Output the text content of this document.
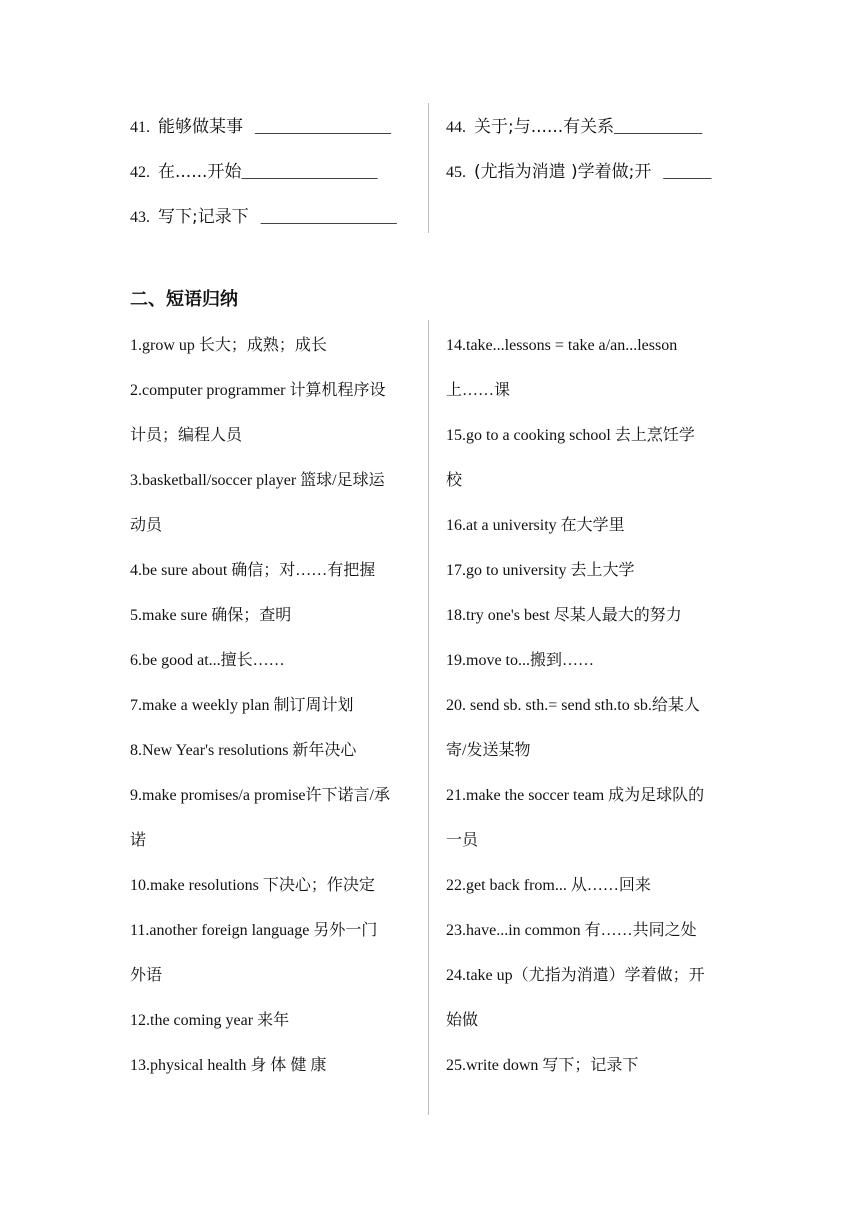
41. 能够做某事 _________________
42. 在......开始_________________
43. 写下;记录下 _________________
44. 关于;与......有关系___________
45. (尤指为消遣 )学着做;开 ______
二、短语归纳
1.grow up 长大；成熟；成长
2.computer programmer 计算机程序设
计员；编程人员
3.basketball/soccer player 篮球/足球运
动员
4.be sure about 确信；对……有把握
5.make sure 确保；查明
6.be good at...擅长……
7.make a weekly plan 制订周计划
8.New Year's resolutions 新年决心
9.make promises/a promise许下诺言/承
诺
10.make resolutions 下决心；作决定
11.another foreign language 另外一门
外语
12.the coming year 来年
13.physical health 身 体 健 康
14.take...lessons = take a/an...lesson
上……课
15.go to a cooking school 去上烹饪学
校
16.at a university 在大学里
17.go to university 去上大学
18.try one's best 尽某人最大的努力
19.move to...搬到……
20. send sb. sth.= send sth.to sb.给某人
寄/发送某物
21.make the soccer team 成为足球队的
一员
22.get back from... 从……回来
23.have...in common 有……共同之处
24.take up（尤指为消遣）学着做；开
始做
25.write down 写下；记录下
